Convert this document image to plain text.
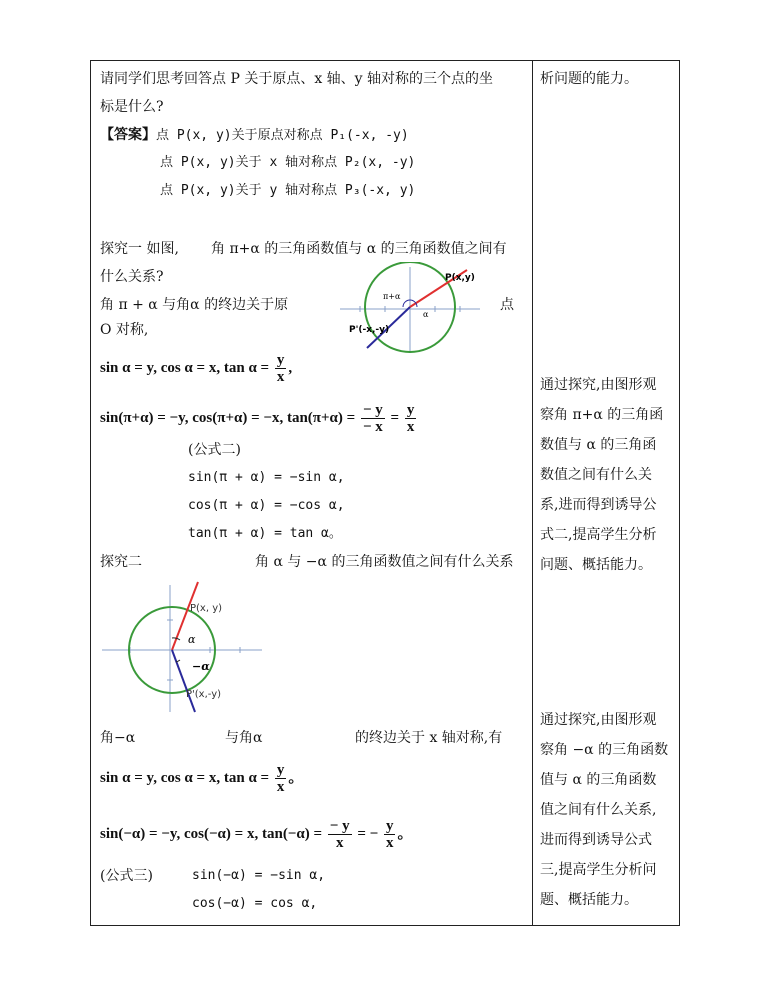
请同学们思考回答点 P 关于原点、x 轴、y 轴对称的三个点的坐
标是什么?
【答案】点 P(x, y)关于原点对称点 P₁(-x, -y)
点 P(x, y)关于 x 轴对称点 P₂(x, -y)
点 P(x, y)关于 y 轴对称点 P₃(-x, y)
探究一 如图, 角 π+α 的三角函数值与 α 的三角函数值之间有
什么关系?
角 π + α 与角α 的终边关于原	点
O 对称,
P(x,y)
P'(-x,-y)
π+α
α
sin α = y, cos α = x, $\tan \alpha = \frac{y}{x}$ ,
sin(π+α) = −y, cos(π+α) = −x, $\tan(\pi+\alpha) = \frac{- y}{- x} = \frac{y}{x}$
(公式二)
sin(π + α) = −sin α,
cos(π + α) = −cos α,
tan(π + α) = tan α。
探究二	角 α 与 −α 的三角函数值之间有什么关系
P(x, y)
P'(x,-y)
α
−α
角−α	与角α	的终边关于 x 轴对称,有
sin α = y, cos α = x, $\tan \alpha = \frac{y}{x}$ 。
sin(−α) = −y, cos(−α) = x, $\tan(-\alpha) = \frac{- y}{x}$ = − $\frac{y}{x}$ 。
(公式三)	sin(−α) = −sin α,
cos(−α) = cos α,
析问题的能力。
通过探究,由图形观察角 π+α 的三角函数值与 α 的三角函数值之间有什么关系,进而得到诱导公式二,提高学生分析问题、概括能力。
通过探究,由图形观察角 −α 的三角函数值与 α 的三角函数值之间有什么关系,进而得到诱导公式三,提高学生分析问题、概括能力。
